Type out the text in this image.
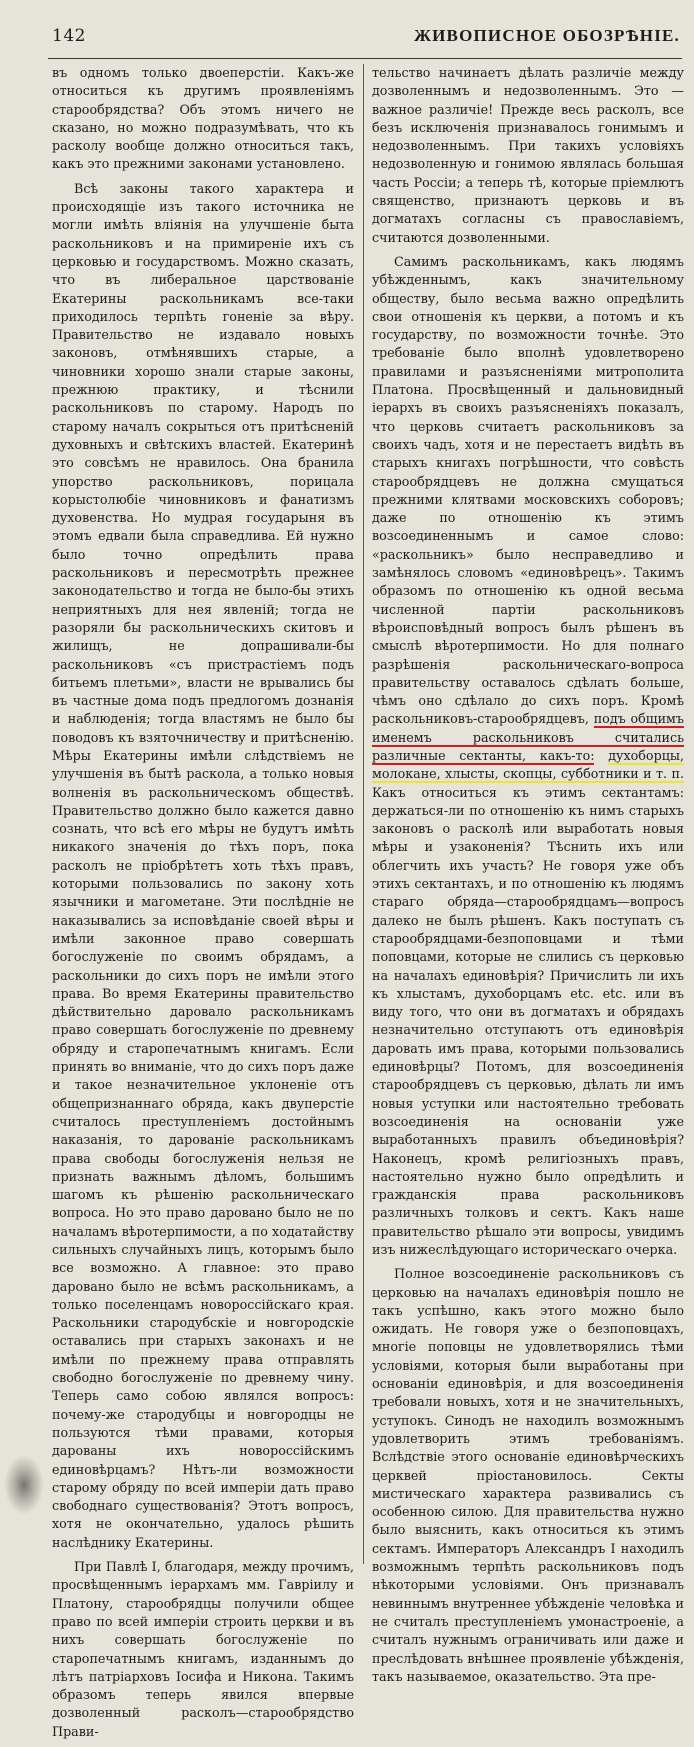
142	ЖИВОПИСНОЕ ОБОЗРѢНІЕ.

въ одномъ только двоеперстіи. Какъ-же относиться къ другимъ проявленіямъ старообрядства? Объ этомъ ничего не сказано, но можно подразумѣвать, что къ расколу вообще должно относиться такъ, какъ это прежними законами установлено.

Всѣ законы такого характера и происходящіе изъ такого источника не могли имѣть вліянія на улучшеніе быта раскольниковъ и на примиреніе ихъ съ церковью и государствомъ. Можно сказать, что въ либеральное царствованіе Екатерины раскольникамъ все-таки приходилось терпѣть гоненіе за вѣру. Правительство не издавало новыхъ законовъ, отмѣнявшихъ старые, а чиновники хорошо знали старые законы, прежнюю практику, и тѣснили раскольниковъ по старому. Народъ по старому началъ сокрыться отъ притѣсненій духовныхъ и свѣтскихъ властей. Екатеринѣ это совсѣмъ не нравилось. Она бранила упорство раскольниковъ, порицала корыстолюбіе чиновниковъ и фанатизмъ духовенства. Но мудрая государыня въ этомъ едвали была справедлива. Ей нужно было точно опредѣлить права раскольниковъ и пересмотрѣть прежнее законодательство и тогда не было-бы этихъ неприятныхъ для нея явленій; тогда не разоряли бы раскольническихъ скитовъ и жилищъ, не допрашивали-бы раскольниковъ «съ пристрастіемъ подъ битьемъ плетьми», власти не врывались бы въ частные дома подъ предлогомъ дознанія и наблюденія; тогда властямъ не было бы поводовъ къ взяточничеству и притѣсненію. Мѣры Екатерины имѣли слѣдствіемъ не улучшенія въ бытѣ раскола, а только новыя волненія въ раскольническомъ обществѣ. Правительство должно было кажется давно сознать, что всѣ его мѣры не будутъ имѣть никакого значенія до тѣхъ поръ, пока расколъ не пріобрѣтетъ хоть тѣхъ правъ, которыми пользовались по закону хоть язычники и магометане. Эти послѣдніе не наказывались за исповѣданіе своей вѣры и имѣли законное право совершать богослуженіе по своимъ обрядамъ, а раскольники до сихъ поръ не имѣли этого права. Во время Екатерины правительство дѣйствительно даровало раскольникамъ право совершать богослуженіе по древнему обряду и старопечатнымъ книгамъ. Если принять во вниманіе, что до сихъ поръ даже и такое незначительное уклоненіе отъ общепризнаннаго обряда, какъ двуперстіе считалось преступленіемъ достойнымъ наказанія, то дарованіе раскольникамъ права свободы богослуженія нельзя не признать важнымъ дѣломъ, большимъ шагомъ къ рѣшенію раскольническаго вопроса. Но это право даровано было не по началамъ вѣротерпимости, а по ходатайству сильныхъ случайныхъ лицъ, которымъ было все возможно. А главное: это право даровано было не всѣмъ раскольникамъ, а только поселенцамъ новороссійскаго края. Раскольники стародубскіе и новгородскіе оставались при старыхъ законахъ и не имѣли по прежнему права отправлять свободно богослуженіе по древнему чину. Теперь само собою являлся вопросъ: почему-же стародубцы и новгородцы не пользуются тѣми правами, которыя дарованы ихъ новороссійскимъ единовѣрцамъ? Нѣтъ-ли возможности старому обряду по всей имперіи дать право свободнаго существованія? Этотъ вопросъ, хотя не окончательно, удалось рѣшить наслѣднику Екатерины.

При Павлѣ I, благодаря, между прочимъ, просвѣщеннымъ іерархамъ мм. Гавріилу и Платону, старообрядцы получили общее право по всей имперіи строить церкви и въ нихъ совершать богослуженіе по старопечатнымъ книгамъ, изданнымъ до лѣтъ патріарховъ Іосифа и Никона. Такимъ образомъ теперь явился впервые дозволенный расколъ—старообрядство Прави-

тельство начинаетъ дѣлать различіе между дозволеннымъ и недозволеннымъ. Это — важное различіе! Прежде весь расколъ, все безъ исключенія признавалось гонимымъ и недозволеннымъ. При такихъ условіяхъ недозволенную и гонимою являлась большая часть Россіи; а теперь тѣ, которые пріемлютъ священство, признаютъ церковь и въ догматахъ согласны съ православіемъ, считаются дозволенными.

Самимъ раскольникамъ, какъ людямъ убѣжденнымъ, какъ значительному обществу, было весьма важно опредѣлить свои отношенія къ церкви, а потомъ и къ государству, по возможности точнѣе. Это требованіе было вполнѣ удовлетворено правилами и разъясненіями митрополита Платона. Просвѣщенный и дальновидный іерархъ въ своихъ разъясненіяхъ показалъ, что церковь считаетъ раскольниковъ за своихъ чадъ, хотя и не перестаетъ видѣть въ старыхъ книгахъ погрѣшности, что совѣсть старообрядцевъ не должна смущаться прежними клятвами московскихъ соборовъ; даже по отношенію къ этимъ возсоединеннымъ и самое слово: «раскольникъ» было несправедливо и замѣнялось словомъ «единовѣрецъ». Такимъ образомъ по отношенію къ одной весьма численной партіи раскольниковъ вѣроисповѣдный вопросъ былъ рѣшенъ въ смыслѣ вѣротерпимости. Но для полнаго разрѣшенія раскольническаго-вопроса правительству оставалось сдѣлать больше, чѣмъ оно сдѣлало до сихъ поръ. Кромѣ раскольниковъ-старообрядцевъ, подъ общимъ именемъ раскольниковъ считались различные сектанты, какъ-то: духоборцы, молокане, хлысты, скопцы, субботники и т. п. Какъ относиться къ этимъ сектантамъ: держаться-ли по отношенію къ нимъ старыхъ законовъ о расколѣ или выработать новыя мѣры и узаконенія? Тѣснить ихъ или облегчить ихъ участь? Не говоря уже объ этихъ сектантахъ, и по отношенію къ людямъ стараго обряда—старообрядцамъ—вопросъ далеко не былъ рѣшенъ. Какъ поступать съ старообрядцами-безпоповцами и тѣми поповцами, которые не слились съ церковью на началахъ единовѣрія? Причислить ли ихъ къ хлыстамъ, духоборцамъ etc. etc. или въ виду того, что они въ догматахъ и обрядахъ незначительно отступаютъ отъ единовѣрія даровать имъ права, которыми пользовались единовѣрцы? Потомъ, для возсоединенія старообрядцевъ съ церковью, дѣлать ли имъ новыя уступки или настоятельно требовать возсоединенія на основаніи уже выработанныхъ правилъ объединовѣрія? Наконецъ, кромѣ религіозныхъ правъ, настоятельно нужно было опредѣлить и гражданскія права раскольниковъ различныхъ толковъ и сектъ. Какъ наше правительство рѣшало эти вопросы, увидимъ изъ нижеслѣдующаго историческаго очерка.

Полное возсоединеніе раскольниковъ съ церковью на началахъ единовѣрія пошло не такъ успѣшно, какъ этого можно было ожидать. Не говоря уже о безпоповцахъ, многіе поповцы не удовлетворялись тѣми условіями, которыя были выработаны при основаніи единовѣрія, и для возсоединенія требовали новыхъ, хотя и не значительныхъ, уступокъ. Синодъ не находилъ возможнымъ удовлетворить этимъ требованіямъ. Вслѣдствіе этого основаніе единовѣрческихъ церквей пріостановилось. Секты мистическаго характера развивались съ особенною силою. Для правительства нужно было выяснить, какъ относиться къ этимъ сектамъ. Императоръ Александръ I находилъ возможнымъ терпѣть раскольниковъ подъ нѣкоторыми условіями. Онъ признавалъ невиннымъ внутреннее убѣжденіе человѣка и не считалъ преступленіемъ умонастроеніе, а считалъ нужнымъ ограничивать или даже и преслѣдовать внѣшнее проявленіе убѣжденія, такъ называемое, оказательство. Эта пре-
